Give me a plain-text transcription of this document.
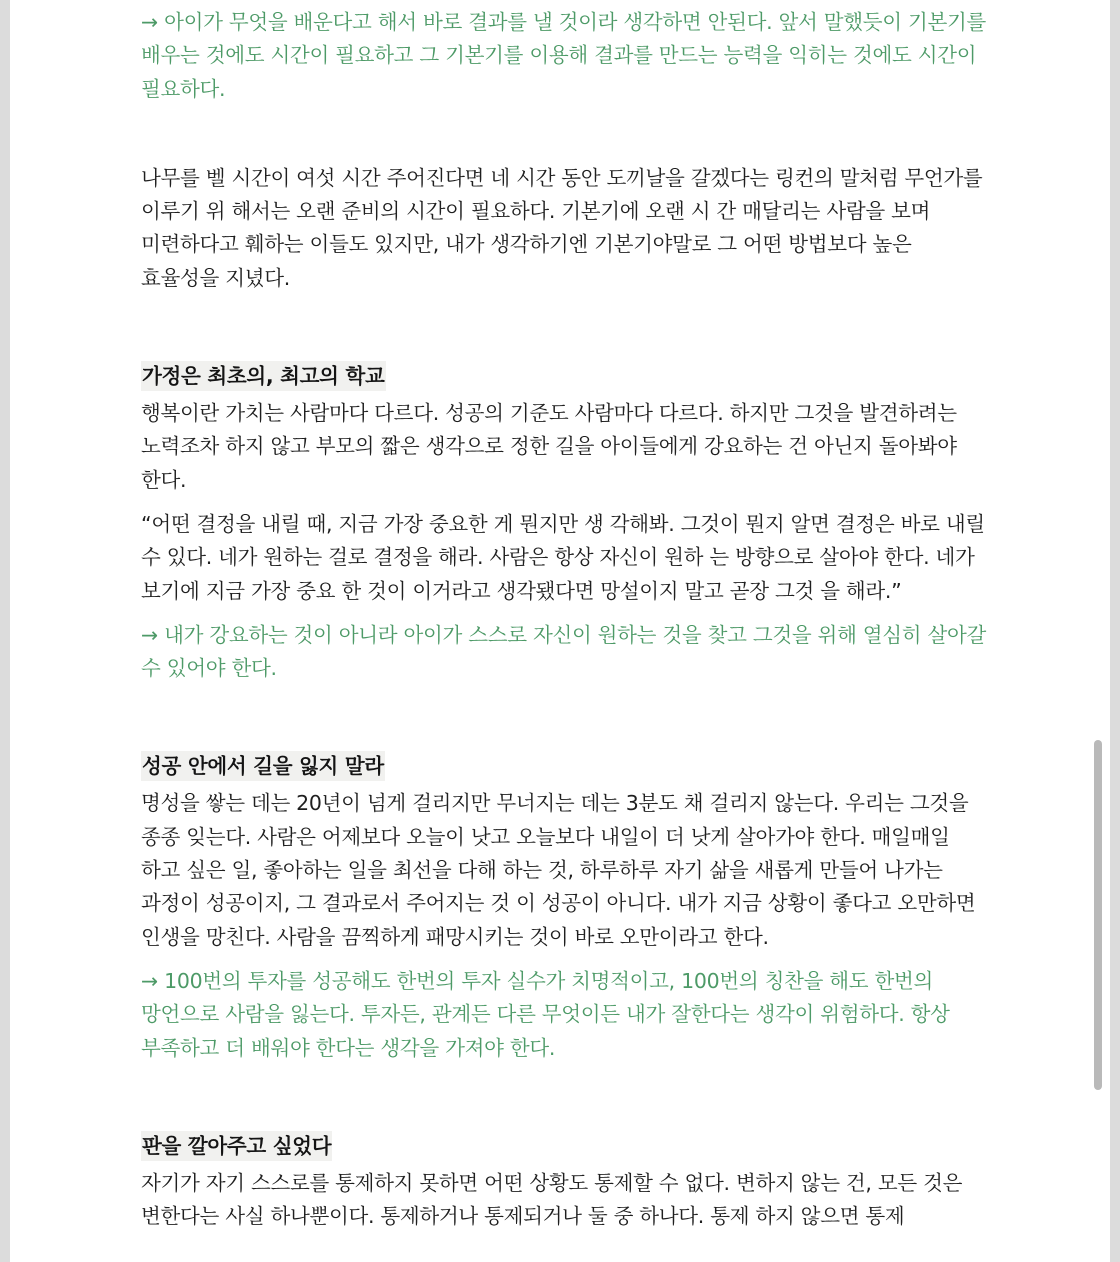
→ 아이가 무엇을 배운다고 해서 바로 결과를 낼 것이라 생각하면 안된다. 앞서 말했듯이 기본기를 배우는 것에도 시간이 필요하고 그 기본기를 이용해 결과를 만드는 능력을 익히는 것에도 시간이 필요하다.

나무를 벨 시간이 여섯 시간 주어진다면 네 시간 동안 도끼날을 갈겠다는 링컨의 말처럼 무언가를 이루기 위 해서는 오랜 준비의 시간이 필요하다. 기본기에 오랜 시 간 매달리는 사람을 보며 미련하다고 훼하는 이들도 있지만, 내가 생각하기엔 기본기야말로 그 어떤 방법보다 높은 효율성을 지녔다.

가정은 최초의, 최고의 학교

행복이란 가치는 사람마다 다르다. 성공의 기준도 사람마다 다르다. 하지만 그것을 발견하려는 노력조차 하지 않고 부모의 짧은 생각으로 정한 길을 아이들에게 강요하는 건 아닌지 돌아봐야 한다.

“어떤 결정을 내릴 때, 지금 가장 중요한 게 뭔지만 생 각해봐. 그것이 뭔지 알면 결정은 바로 내릴 수 있다. 네가 원하는 걸로 결정을 해라. 사람은 항상 자신이 원하 는 방향으로 살아야 한다. 네가 보기에 지금 가장 중요 한 것이 이거라고 생각됐다면 망설이지 말고 곧장 그것 을 해라.”

→ 내가 강요하는 것이 아니라 아이가 스스로 자신이 원하는 것을 찾고 그것을 위해 열심히 살아갈 수 있어야 한다.

성공 안에서 길을 잃지 말라

명성을 쌓는 데는 20년이 넘게 걸리지만 무너지는 데는 3분도 채 걸리지 않는다. 우리는 그것을 종종 잊는다. 사람은 어제보다 오늘이 낫고 오늘보다 내일이 더 낫게 살아가야 한다. 매일매일 하고 싶은 일, 좋아하는 일을 최선을 다해 하는 것, 하루하루 자기 삶을 새롭게 만들어 나가는 과정이 성공이지, 그 결과로서 주어지는 것 이 성공이 아니다. 내가 지금 상황이 좋다고 오만하면 인생을 망친다. 사람을 끔찍하게 패망시키는 것이 바로 오만이라고 한다.

→ 100번의 투자를 성공해도 한번의 투자 실수가 치명적이고, 100번의 칭찬을 해도 한번의 망언으로 사람을 잃는다. 투자든, 관계든 다른 무엇이든 내가 잘한다는 생각이 위험하다. 항상 부족하고 더 배워야 한다는 생각을 가져야 한다.

판을 깔아주고 싶었다

자기가 자기 스스로를 통제하지 못하면 어떤 상황도 통제할 수 없다. 변하지 않는 건, 모든 것은 변한다는 사실 하나뿐이다. 통제하거나 통제되거나 둘 중 하나다. 통제 하지 않으면 통제
